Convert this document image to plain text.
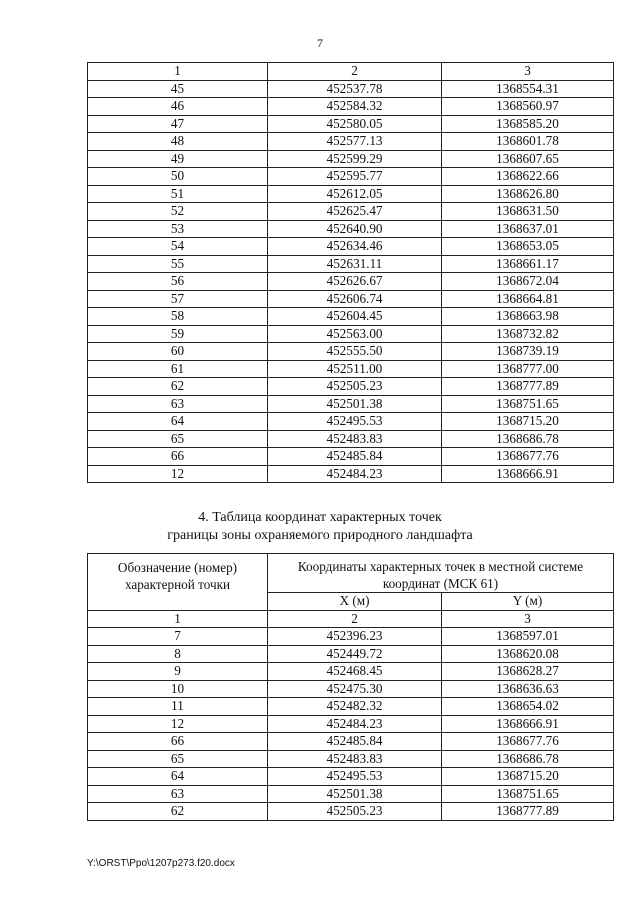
7
1	2	3
45	452537.78	1368554.31
46	452584.32	1368560.97
47	452580.05	1368585.20
48	452577.13	1368601.78
49	452599.29	1368607.65
50	452595.77	1368622.66
51	452612.05	1368626.80
52	452625.47	1368631.50
53	452640.90	1368637.01
54	452634.46	1368653.05
55	452631.11	1368661.17
56	452626.67	1368672.04
57	452606.74	1368664.81
58	452604.45	1368663.98
59	452563.00	1368732.82
60	452555.50	1368739.19
61	452511.00	1368777.00
62	452505.23	1368777.89
63	452501.38	1368751.65
64	452495.53	1368715.20
65	452483.83	1368686.78
66	452485.84	1368677.76
12	452484.23	1368666.91
4. Таблица координат характерных точек
границы зоны охраняемого природного ландшафта
Обозначение (номер) характерной точки	Координаты характерных точек в местной системе координат (МСК 61)	
	X (м)	Y (м)
1	2	3
7	452396.23	1368597.01
8	452449.72	1368620.08
9	452468.45	1368628.27
10	452475.30	1368636.63
11	452482.32	1368654.02
12	452484.23	1368666.91
66	452485.84	1368677.76
65	452483.83	1368686.78
64	452495.53	1368715.20
63	452501.38	1368751.65
62	452505.23	1368777.89
Y:\ORST\Ppo\1207p273.f20.docx
